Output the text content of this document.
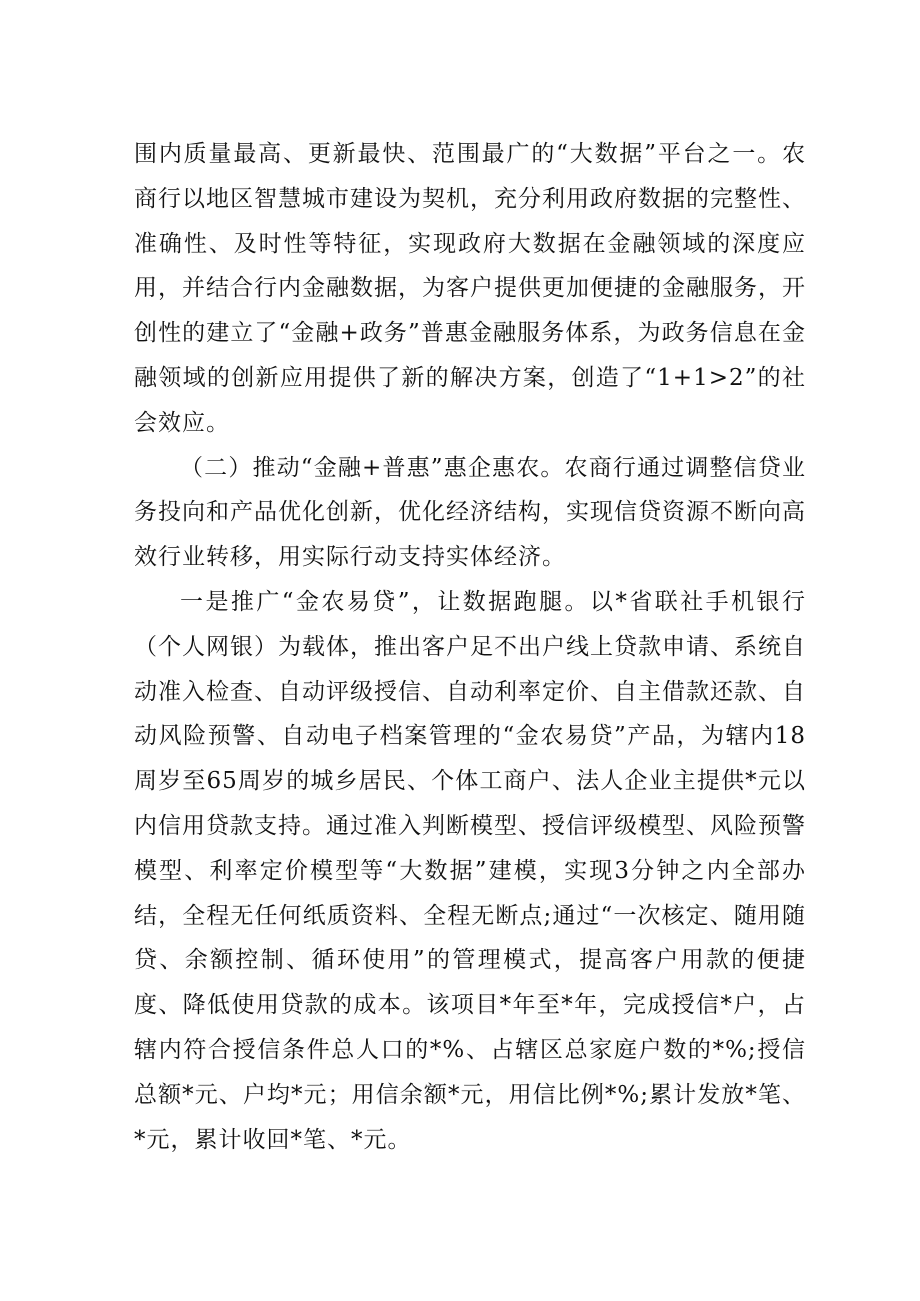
围内质量最高、更新最快、范围最广的“大数据”平台之一。农商行以地区智慧城市建设为契机，充分利用政府数据的完整性、准确性、及时性等特征，实现政府大数据在金融领域的深度应用，并结合行内金融数据，为客户提供更加便捷的金融服务，开创性的建立了“金融+政务”普惠金融服务体系，为政务信息在金融领域的创新应用提供了新的解决方案，创造了“1+1>2”的社会效应。

（二）推动“金融+普惠”惠企惠农。农商行通过调整信贷业务投向和产品优化创新，优化经济结构，实现信贷资源不断向高效行业转移，用实际行动支持实体经济。

一是推广“金农易贷”，让数据跑腿。以*省联社手机银行（个人网银）为载体，推出客户足不出户线上贷款申请、系统自动准入检查、自动评级授信、自动利率定价、自主借款还款、自动风险预警、自动电子档案管理的“金农易贷”产品，为辖内18周岁至65周岁的城乡居民、个体工商户、法人企业主提供*元以内信用贷款支持。通过准入判断模型、授信评级模型、风险预警模型、利率定价模型等“大数据”建模，实现3分钟之内全部办结，全程无任何纸质资料、全程无断点;通过“一次核定、随用随贷、余额控制、循环使用”的管理模式，提高客户用款的便捷度、降低使用贷款的成本。该项目*年至*年，完成授信*户，占辖内符合授信条件总人口的*%、占辖区总家庭户数的*%;授信总额*元、户均*元；用信余额*元，用信比例*%;累计发放*笔、*元，累计收回*笔、*元。
